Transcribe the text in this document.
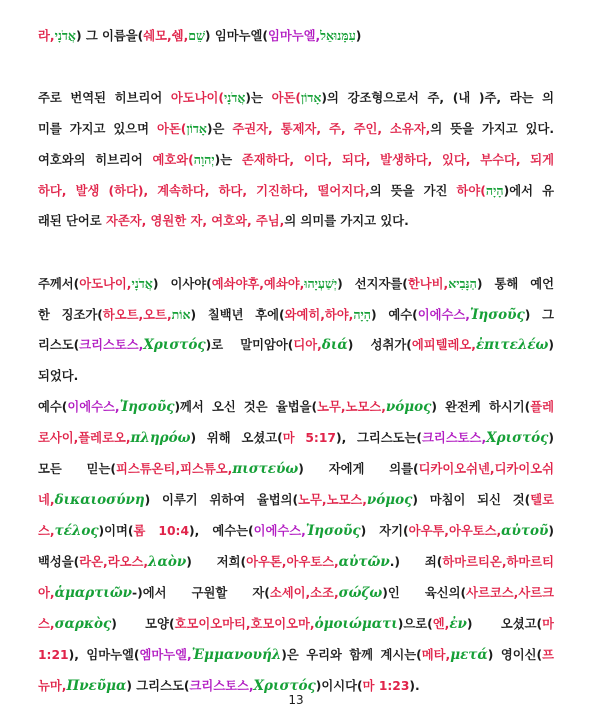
라,אֲדֹנָי) 그 이름을(쉐모,쉠,שֵׁם) 임마누엘(임마누엘,עִמָּנוּאֵל)
주로 번역된 히브리어 아도나이(אֲדֹנָי)는 아돈(אָדוֹן)의 강조형으로서 주, (내 )주, 라는 의
미를 가지고 있으며 아돈(אָדוֹן)은 주권자, 통제자, 주, 주인, 소유자,의 뜻을 가지고 있다.
여호와의 히브리어 예호와(יְהוָה)는 존재하다, 이다, 되다, 발생하다, 있다, 부수다, 되게
하다, 발생 (하다), 계속하다, 하다, 기진하다, 떨어지다,의 뜻을 가진 하야(הָיָה)에서 유
래된 단어로 자존자, 영원한 자, 여호와, 주님,의 의미를 가지고 있다.
주께서(아도나이,אֲדֹנָי) 이사야(예솨야후,예솨야,יְשַׁעְיָהוּ) 선지자를(한나비,הַנָּבִיא) 통해 예언
한 징조가(하오트,오트,אוֹת) 칠백년 후에(와예히,하야,הָיָה) 예수(이에수스,Ἰησοῦς) 그
리스도(크리스토스,Χριστός)로 말미암아(디아,διά) 성취가(에피텔레오,ἐπιτελέω)
되었다.
예수(이에수스,Ἰησοῦς)께서 오신 것은 율법을(노무,노모스,νόμος) 완전케 하시기(플레
로사이,플레로오,πληρόω) 위해 오셨고(마 5:17), 그리스도는(크리스토스,Χριστός)
모든 믿는(피스튜온티,피스튜오,πιστεύω) 자에게 의를(디카이오쉬넨,디카이오쉬
네,δικαιοσύνη) 이루기 위하여 율법의(노무,노모스,νόμος) 마침이 되신 것(텔로
스,τέλος)이며(롬 10:4), 예수는(이에수스,Ἰησοῦς) 자기(아우투,아우토스,αὐτοῦ)
백성을(라온,라오스,λαὸν) 저희(아우톤,아우토스,αὐτῶν.) 죄(하마르티온,하마르티
아,ἁμαρτιῶν-)에서 구원할 자(소세이,소조,σώζω)인 육신의(사르코스,사르크
스,σαρκὸς) 모양(호모이오마티,호모이오마,ὁμοιώματι)으로(엔,ἐν) 오셨고(마
1:21), 임마누엘(엠마누엘,Ἐμμανουήλ)은 우리와 함께 계시는(메타,μετά) 영이신(프
뉴마,Πνεῦμα) 그리스도(크리스토스,Χριστός)이시다(마 1:23).
13
